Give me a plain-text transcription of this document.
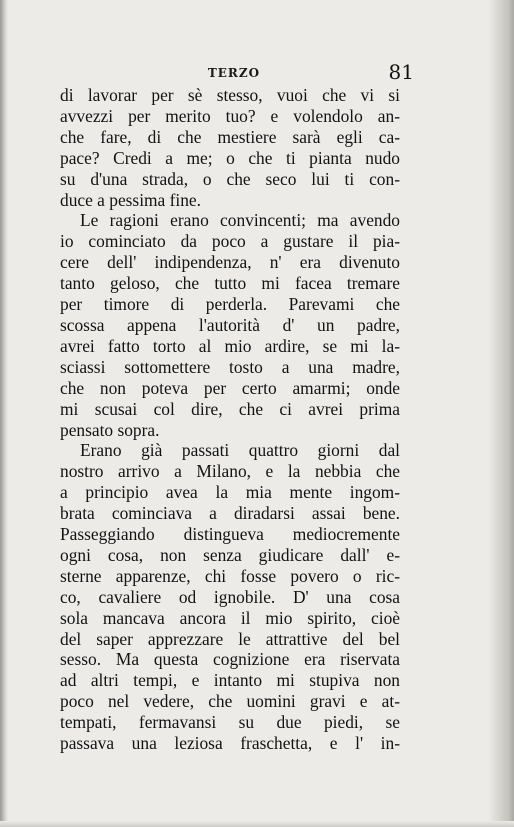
TERZO	81
di lavorar per sè stesso, vuoi che vi si
avvezzi per merito tuo? e volendolo an-
che fare, di che mestiere sarà egli ca-
pace? Credi a me; o che ti pianta nudo
su d'una strada, o che seco lui ti con-
duce a pessima fine.
Le ragioni erano convincenti; ma avendo
io cominciato da poco a gustare il pia-
cere dell' indipendenza, n' era divenuto
tanto geloso, che tutto mi facea tremare
per timore di perderla. Parevami che
scossa appena l'autorità d' un padre,
avrei fatto torto al mio ardire, se mi la-
sciassi sottomettere tosto a una madre,
che non poteva per certo amarmi; onde
mi scusai col dire, che ci avrei prima
pensato sopra.
Erano già passati quattro giorni dal
nostro arrivo a Milano, e la nebbia che
a principio avea la mia mente ingom-
brata cominciava a diradarsi assai bene.
Passeggiando distingueva mediocremente
ogni cosa, non senza giudicare dall' e-
sterne apparenze, chi fosse povero o ric-
co, cavaliere od ignobile. D' una cosa
sola mancava ancora il mio spirito, cioè
del saper apprezzare le attrattive del bel
sesso. Ma questa cognizione era riservata
ad altri tempi, e intanto mi stupiva non
poco nel vedere, che uomini gravi e at-
tempati, fermavansi su due piedi, se
passava una leziosa fraschetta, e l' in-
